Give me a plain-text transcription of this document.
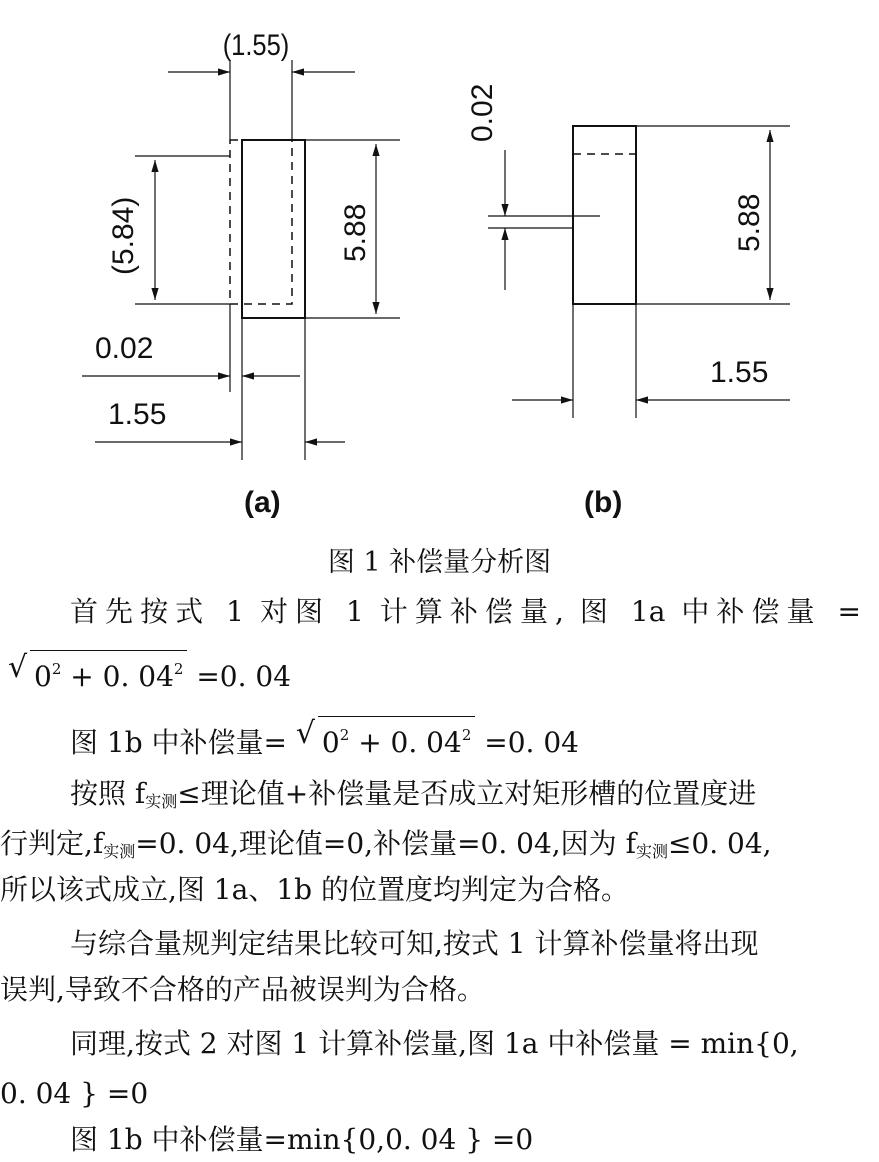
(1.55)
(5.84)	5.88
0.02
1.55
(a)
0.02
5.88
1.55
(b)
图 1 补偿量分析图
首先按式 1 对图 1 计算补偿量, 图 1a 中补偿量 =
√ $0^2 + 0$. $04^2 =0$. 04
图 1b 中补偿量= √ $0^2 + 0$. $04^2 =0$. 04
按照 $f_{实测}\le$理论值+补偿量是否成立对矩形槽的位置度进
行判定$,f_{实测}=0$. 04,理论值=0,补偿量=0. 04,因为 $f_{实测}\le 0$. 04,
所以该式成立,图 1a、1b 的位置度均判定为合格。
与综合量规判定结果比较可知,按式 1 计算补偿量将出现
误判,导致不合格的产品被误判为合格。
同理,按式 2 对图 1 计算补偿量,图 1a 中补偿量 = min{0,
0. 04 } =0
图 1b 中补偿量=min{0,0. 04 } =0
